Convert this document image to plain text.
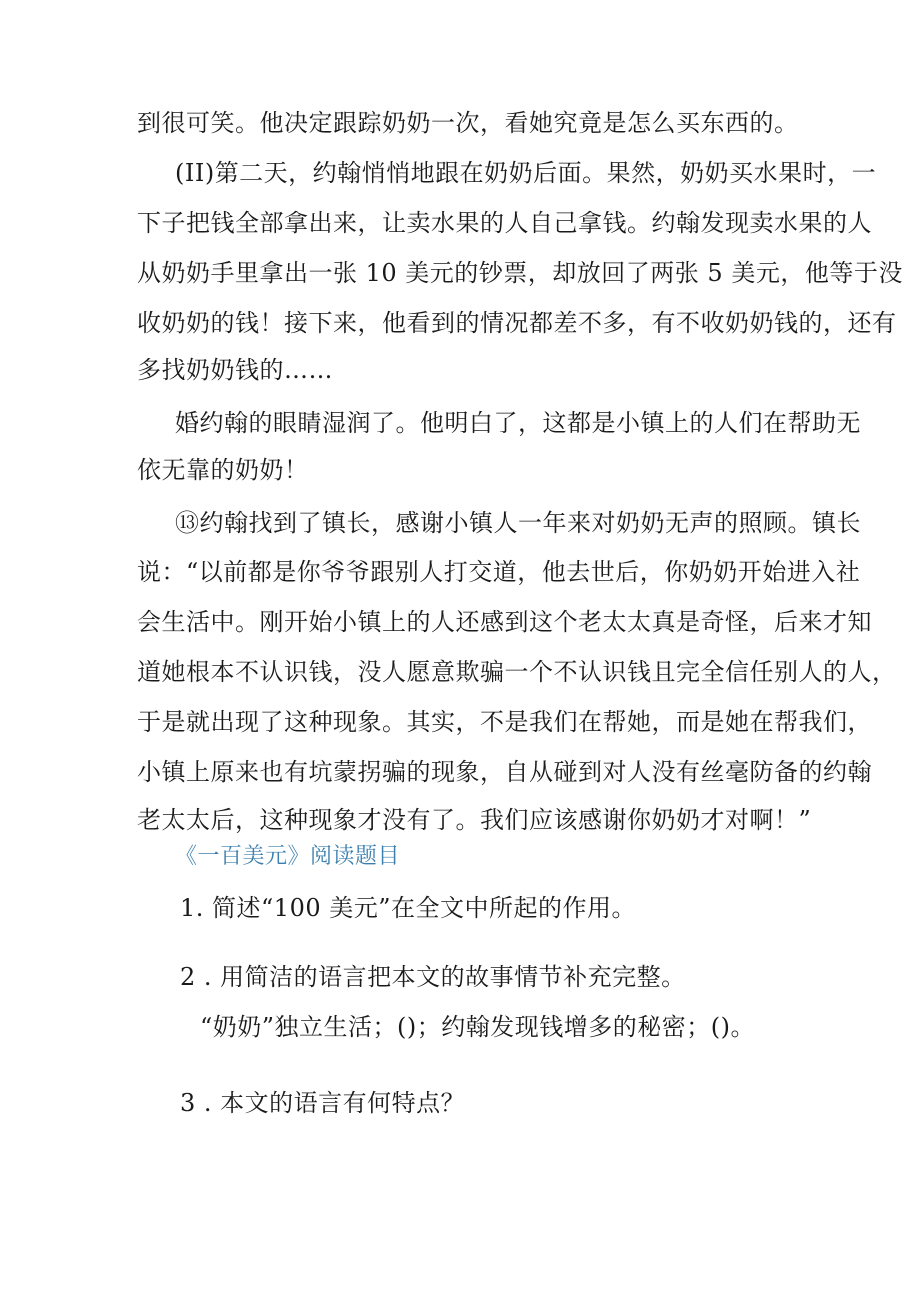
到很可笑。他决定跟踪奶奶一次，看她究竟是怎么买东西的。
(II)第二天，约翰悄悄地跟在奶奶后面。果然，奶奶买水果时，一
下子把钱全部拿出来，让卖水果的人自己拿钱。约翰发现卖水果的人
从奶奶手里拿出一张 10 美元的钞票，却放回了两张 5 美元，他等于没
收奶奶的钱！接下来，他看到的情况都差不多，有不收奶奶钱的，还有
多找奶奶钱的……
婚约翰的眼睛湿润了。他明白了，这都是小镇上的人们在帮助无
依无靠的奶奶！
⑬约翰找到了镇长，感谢小镇人一年来对奶奶无声的照顾。镇长
说：“以前都是你爷爷跟别人打交道，他去世后，你奶奶开始进入社
会生活中。刚开始小镇上的人还感到这个老太太真是奇怪，后来才知
道她根本不认识钱，没人愿意欺骗一个不认识钱且完全信任别人的人，
于是就出现了这种现象。其实，不是我们在帮她，而是她在帮我们，
小镇上原来也有坑蒙拐骗的现象，自从碰到对人没有丝毫防备的约翰
老太太后，这种现象才没有了。我们应该感谢你奶奶才对啊！”
《一百美元》阅读题目
1. 简述“100 美元”在全文中所起的作用。
2 . 用简洁的语言把本文的故事情节补充完整。
“奶奶”独立生活；()；约翰发现钱增多的秘密；()。
3 . 本文的语言有何特点？
